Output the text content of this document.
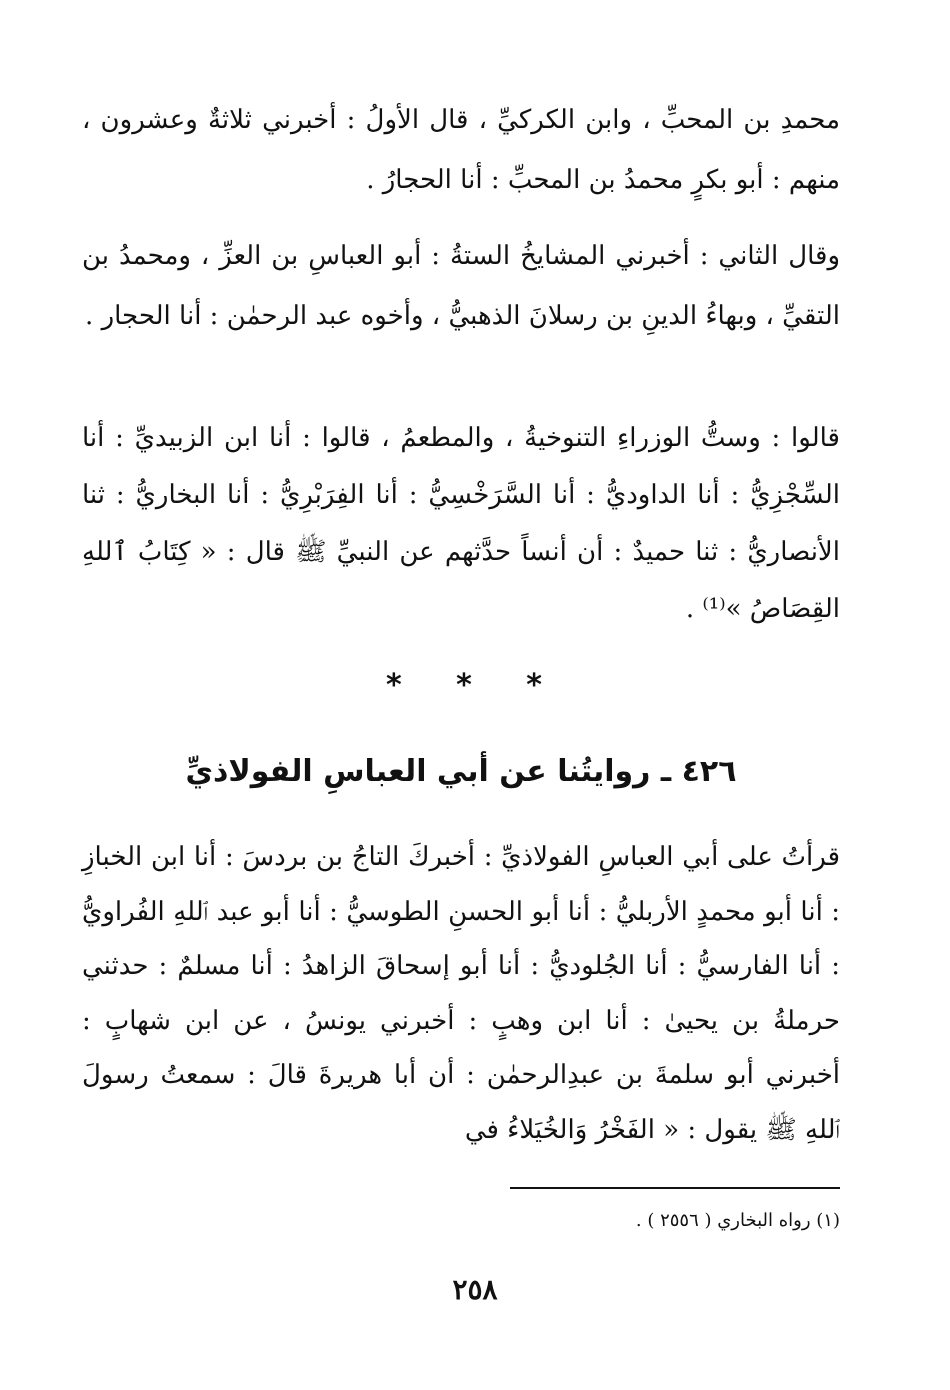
محمدِ بن المحبِّ ، وابن الكركيِّ ، قال الأولُ : أخبرني ثلاثةٌ وعشرون ، منهم : أبو بكرٍ محمدُ بن المحبِّ : أنا الحجارُ .

وقال الثاني : أخبرني المشايخُ الستةُ : أبو العباسِ بن العزِّ ، ومحمدُ بن التقيِّ ، وبهاءُ الدينِ بن رسلانَ الذهبيُّ ، وأخوه عبد الرحمٰن : أنا الحجار .

قالوا : وستُّ الوزراءِ التنوخيةُ ، والمطعمُ ، قالوا : أنا ابن الزبيديِّ : أنا السِّجْزِيُّ : أنا الداوديُّ : أنا السَّرَخْسِيُّ : أنا الفِرَبْرِيُّ : أنا البخاريُّ : ثنا الأنصاريُّ : ثنا حميدٌ : أن أنساً حدَّثهم عن النبيِّ ﷺ قال : « كِتَابُ ٱللهِ القِصَاصُ »⁽¹⁾ .

* * *
٤٢٦ ـ روايتُنا عن أبي العباسِ الفولاذيِّ

قرأتُ على أبي العباسِ الفولاذيِّ : أخبركَ التاجُ بن بردسَ : أنا ابن الخبازِ : أنا أبو محمدٍ الأربليُّ : أنا أبو الحسنِ الطوسيُّ : أنا أبو عبد ٱللهِ الفُراويُّ : أنا الفارسيُّ : أنا الجُلوديُّ : أنا أبو إسحاقَ الزاهدُ : أنا مسلمٌ : حدثني حرملةُ بن يحيىٰ : أنا ابن وهبٍ : أخبرني يونسُ ، عن ابن شهابٍ : أخبرني أبو سلمةَ بن عبدِالرحمٰن : أن أبا هريرةَ قالَ : سمعتُ رسولَ ٱللهِ ﷺ يقول : « الفَخْرُ وَالخُيَلاءُ في

(١) رواه البخاري ( ٢٥٥٦ ) .
٢٥٨
